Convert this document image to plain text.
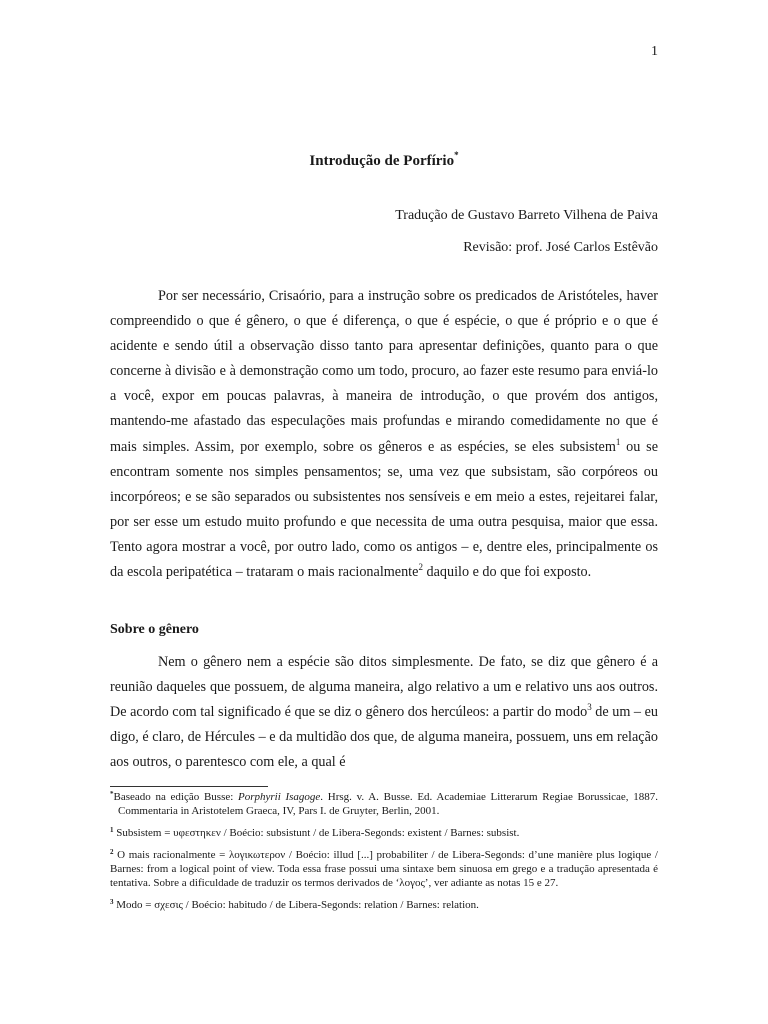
1
Introdução de Porfírio*
Tradução de Gustavo Barreto Vilhena de Paiva
Revisão: prof. José Carlos Estêvão

Por ser necessário, Crisaório, para a instrução sobre os predicados de Aristóteles, haver compreendido o que é gênero, o que é diferença, o que é espécie, o que é próprio e o que é acidente e sendo útil a observação disso tanto para apresentar definições, quanto para o que concerne à divisão e à demonstração como um todo, procuro, ao fazer este resumo para enviá-lo a você, expor em poucas palavras, à maneira de introdução, o que provém dos antigos, mantendo-me afastado das especulações mais profundas e mirando comedidamente no que é mais simples. Assim, por exemplo, sobre os gêneros e as espécies, se eles subsistem$^1$ ou se encontram somente nos simples pensamentos; se, uma vez que subsistam, são corpóreos ou incorpóreos; e se são separados ou subsistentes nos sensíveis e em meio a estes, rejeitarei falar, por ser esse um estudo muito profundo e que necessita de uma outra pesquisa, maior que essa. Tento agora mostrar a você, por outro lado, como os antigos – e, dentre eles, principalmente os da escola peripatética – trataram o mais racionalmente$^2$ daquilo e do que foi exposto.

Sobre o gênero

Nem o gênero nem a espécie são ditos simplesmente. De fato, se diz que gênero é a reunião daqueles que possuem, de alguma maneira, algo relativo a um e relativo uns aos outros. De acordo com tal significado é que se diz o gênero dos hercúleos: a partir do modo$^3$ de um – eu digo, é claro, de Hércules – e da multidão dos que, de alguma maneira, possuem, uns em relação aos outros, o parentesco com ele, a qual é

*Baseado na edição Busse: Porphyrii Isagoge. Hrsg. v. A. Busse. Ed. Academiae Litterarum Regiae Borussicae, 1887. Commentaria in Aristotelem Graeca, IV, Pars I. de Gruyter, Berlin, 2001.

$^1$ Subsistem = υφεστηκεν / Boécio: subsistunt / de Libera-Segonds: existent / Barnes: subsist.

$^2$ O mais racionalmente = λογικωτερον / Boécio: illud [...] probabiliter / de Libera-Segonds: d’une manière plus logique / Barnes: from a logical point of view. Toda essa frase possui uma sintaxe bem sinuosa em grego e a tradução apresentada é tentativa. Sobre a dificuldade de traduzir os termos derivados de ‘λογος’, ver adiante as notas 15 e 27.

$^3$ Modo = σχεσις / Boécio: habitudo / de Libera-Segonds: relation / Barnes: relation.
